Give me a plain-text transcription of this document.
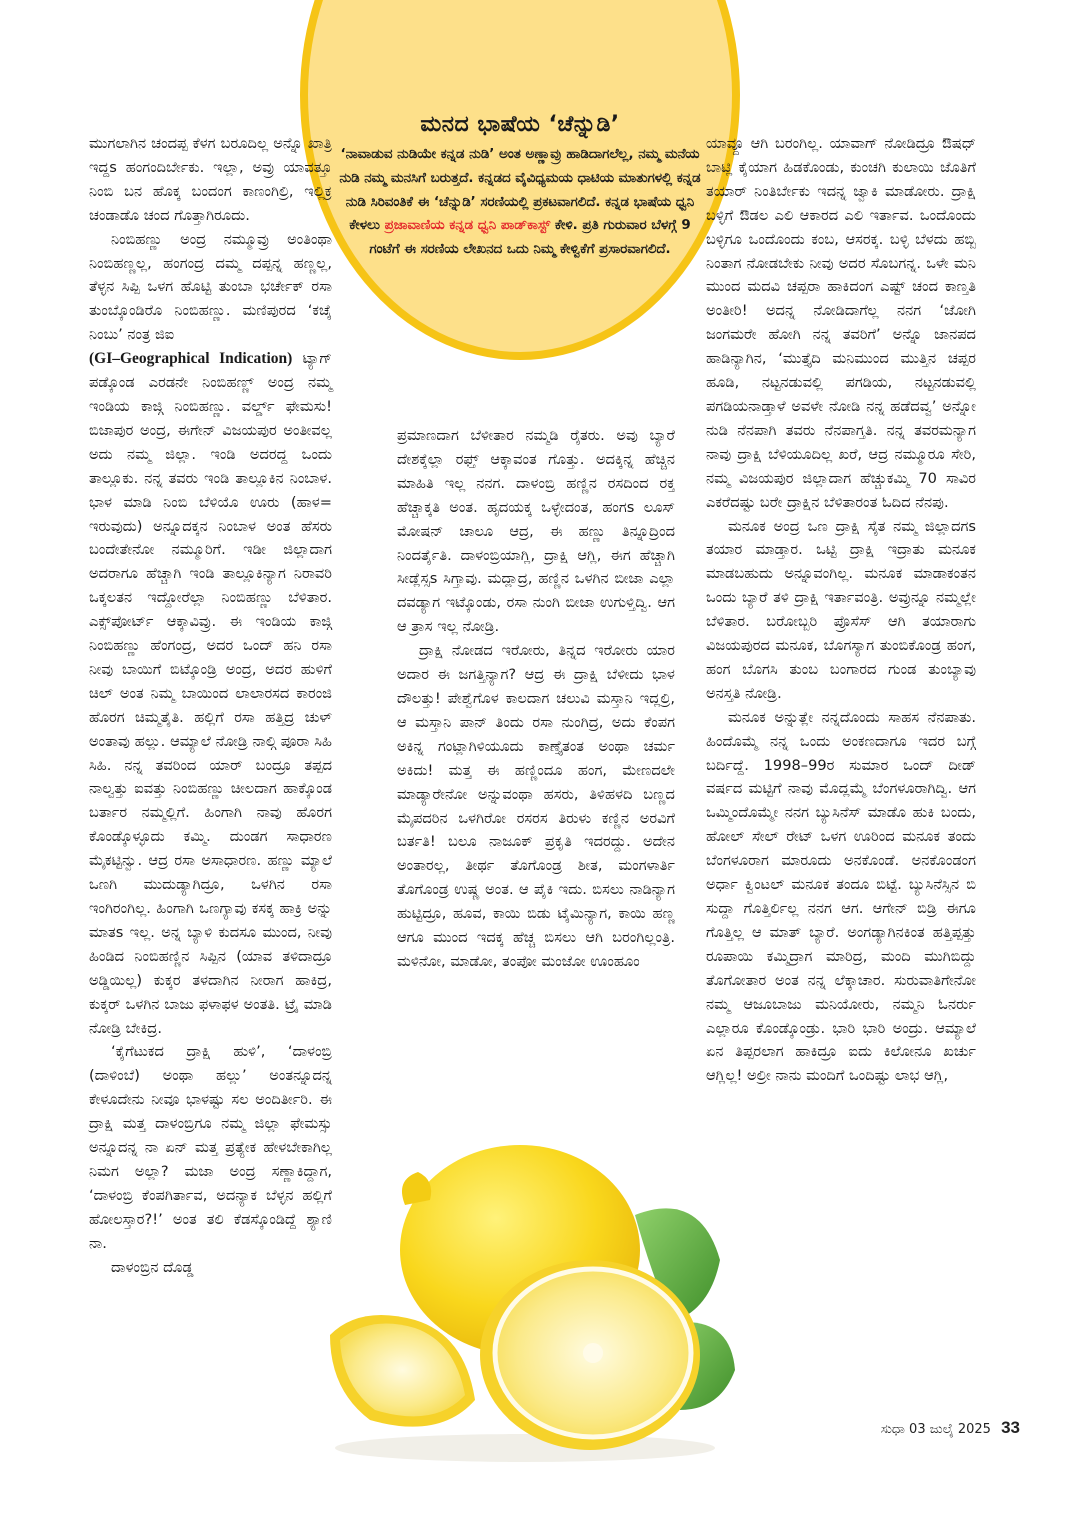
ಮನದ ಭಾಷೆಯ ‘ಚೆನ್ನುಡಿ’
‘ನಾವಾಡುವ ನುಡಿಯೇ ಕನ್ನಡ ನುಡಿ’ ಅಂತ ಅಣ್ಣಾವ್ರು ಹಾಡಿದಾಗಲೆಲ್ಲ, ನಮ್ಮ ಮನೆಯ ನುಡಿ ನಮ್ಮ ಮನಸಿಗೆ ಬರುತ್ತದೆ. ಕನ್ನಡದ ವೈವಿಧ್ಯಮಯ ಧಾಟಿಯ ಮಾತುಗಳಲ್ಲಿ ಕನ್ನಡ ನುಡಿ ಸಿರಿವಂತಿಕೆ ಈ ‘ಚೆನ್ನುಡಿ’ ಸರಣಿಯಲ್ಲಿ ಪ್ರಕಟವಾಗಲಿದೆ. ಕನ್ನಡ ಭಾಷೆಯ ಧ್ವನಿ ಕೇಳಲು ಪ್ರಜಾವಾಣಿಯ ಕನ್ನಡ ಧ್ವನಿ ಪಾಡ್‌ಕಾಸ್ಟ್ ಕೇಳಿ. ಪ್ರತಿ ಗುರುವಾರ ಬೆಳಗ್ಗೆ 9 ಗಂಟೆಗೆ ಈ ಸರಣಿಯ ಲೇಖನದ ಒದು ನಿಮ್ಮ ಕೇಳ್ವಿಕೆಗೆ ಪ್ರಸಾರವಾಗಲಿದೆ.

ಮುಗಲಾಗಿನ ಚಂದಪ್ಪ ಕೆಳಗ ಬರೂದಿಲ್ಲ ಅನ್ನೊ ಖಾತ್ರಿ ಇದ್ದs ಹಂಗಂದಿರ್ಬೇಕು. ಇಲ್ಲಾ, ಅವ್ರು ಯಾವತ್ತೂ ನಿಂಬಿ ಬನ ಹೊಕ್ಕ ಬಂದಂಗ ಕಾಣಂಗಿಲ್ರಿ, ಇಲ್ಲಿಕ್ರ ಚಂಡಾಡೊ ಚಂದ ಗೊತ್ತಾಗಿರೂದು.

ನಿಂಬಿಹಣ್ಣು ಅಂದ್ರ ನಮ್ಮೂವ್ರು ಅಂತಿಂಥಾ ನಿಂಬಿಹಣ್ಣಲ್ಲ, ಹಂಗಂದ್ರ ದಮ್ಮ ದಪ್ಪನ್ನ ಹಣ್ಣಲ್ಲ, ತೆಳ್ಳನ ಸಿಪ್ಪಿ ಒಳಗ ಹೊಟ್ಟಿ ತುಂಬಾ ಭರ್ಚೇಕ್ ರಸಾ ತುಂಬ್ಕೊಂಡಿರೊ ನಿಂಬಿಹಣ್ಣು. ಮಣಿಪುರದ ‘ಕಚೈ ನಿಂಬು’ ನಂತ್ರ ಜಿಐ

(GI–Geographical Indication) ಟ್ಯಾಗ್ ಪಡ್ಕೊಂಡ ಎರಡನೇ ನಿಂಬಿಹಣ್ಣ್ ಅಂದ್ರ ನಮ್ಮ ಇಂಡಿಯ ಕಾಜ್ಗಿ ನಿಂಬಿಹಣ್ಣು. ವರ್ಲ್ಡ್ ಫೇಮಸು! ಬಿಜಾಪುರ ಅಂದ್ರ, ಈಗೇನ್ ವಿಜಯಪುರ ಅಂತೀವಲ್ಲ ಅದು ನಮ್ಮ ಜಿಲ್ಲಾ. ಇಂಡಿ ಅದರದ್ದ ಒಂದು ತಾಲ್ಲೂಕು. ನನ್ನ ತವರು ಇಂಡಿ ತಾಲ್ಲೂಕಿನ ನಿಂಬಾಳ. ಭಾಳ ಮಾಡಿ ನಿಂಬಿ ಬೆಳಿಯೊ ಊರು (ಹಾಳ= ಇರುವುದು) ಅನ್ನೂದಕ್ಕನ ನಿಂಬಾಳ ಅಂತ ಹೆಸರು ಬಂದೇತೇನೋ ನಮ್ಮೂರಿಗೆ. ಇಡೀ ಜಿಲ್ಲಾದಾಗ ಅದರಾಗೂ ಹೆಚ್ಚಾಗಿ ಇಂಡಿ ತಾಲ್ಲೂಕಿನ್ಯಾಗ ನಿರಾವರಿ ಒಕ್ಕಲತನ ಇದ್ದೋರೆಲ್ಲಾ ನಿಂಬಿಹಣ್ಣು ಬೆಳಿತಾರ. ಎಕ್ಸ್‌ಪೋರ್ಟ್ ಆಕ್ಕಾವಿವ್ರು. ಈ ಇಂಡಿಯ ಕಾಜ್ಗಿ ನಿಂಬಿಹಣ್ಣು ಹೆಂಗಂದ್ರ, ಅದರ ಒಂದ್ ಹನಿ ರಸಾ ನೀವು ಬಾಯಿಗೆ ಬಿಟ್ಕೊಂಡ್ರಿ ಅಂದ್ರ, ಅದರ ಹುಳಿಗೆ ಚಿಲ್ ಅಂತ ನಿಮ್ಮ ಬಾಯಿಂದ ಲಾಲಾರಸದ ಕಾರಂಜಿ ಹೊರಗ ಚಿಮ್ಮತೈತಿ. ಹಲ್ಲಿಗೆ ರಸಾ ಹತ್ತಿದ್ರ ಚುಳ್ ಅಂತಾವು ಹಲ್ಲು. ಆಮ್ಯಾಲೆ ನೋಡ್ರಿ ನಾಲ್ಗಿ ಪೂರಾ ಸಿಹಿ ಸಿಹಿ. ನನ್ನ ತವರಿಂದ ಯಾರ್ ಬಂದ್ರೂ ತಪ್ಪದ ನಾಲ್ವತ್ತು ಐವತ್ತು ನಿಂಬಿಹಣ್ಣು ಚೀಲದಾಗ ಹಾಕ್ಕೊಂಡ ಬರ್ತಾರ ನಮ್ಮಲ್ಲಿಗೆ. ಹಿಂಗಾಗಿ ನಾವು ಹೊರಗ ಕೊಂಡ್ಕೊಳ್ಳೂದು ಕಮ್ಮಿ. ದುಂಡಗ ಸಾಧಾರಣ ಮೈಕಟ್ಟಿನ್ವು. ಆದ್ರ ರಸಾ ಅಸಾಧಾರಣ. ಹಣ್ಣು ಮ್ಯಾಲೆ ಒಣಗಿ ಮುದುಡ್ಯಾಗಿದ್ರೂ, ಒಳಗಿನ ರಸಾ ಇಂಗಿರಂಗಿಲ್ಲ. ಹಿಂಗಾಗಿ ಒಣಗ್ಯಾವು ಕಸಕ್ಕ ಹಾಕ್ರಿ ಅನ್ನು ಮಾತs ಇಲ್ಲ. ಅನ್ನ ಬ್ಯಾಳಿ ಕುದಸೂ ಮುಂದ, ನೀವು ಹಿಂಡಿದ ನಿಂಬಿಹಣ್ಣಿನ ಸಿಪ್ಪಿನ (ಯಾವ ತಳಿದಾದ್ರೂ ಅಡ್ಡಿಯಿಲ್ಲ) ಕುಕ್ಕರ ತಳದಾಗಿನ ನೀರಾಗ ಹಾಕಿದ್ರ, ಕುಕ್ಕರ್ ಒಳಗಿನ ಬಾಜು ಫಳಾಫಳ ಅಂತತಿ. ಟ್ರೈ ಮಾಡಿ ನೋಡ್ರಿ ಬೇಕಿದ್ರ.

‘ಕೈಗೆಟುಕದ ದ್ರಾಕ್ಷಿ ಹುಳಿ’, ‘ದಾಳಂಬ್ರಿ (ದಾಳಿಂಬೆ) ಅಂಥಾ ಹಲ್ಲು’ ಅಂತನ್ನೂದನ್ನ ಕೇಳೂದೇನು ನೀವೂ ಭಾಳಷ್ಟು ಸಲ ಅಂದಿರ್ತೀರಿ. ಈ ದ್ರಾಕ್ಷಿ ಮತ್ತ ದಾಳಂಬ್ರಿಗೂ ನಮ್ಮ ಜಿಲ್ಲಾ ಫೇಮಸ್ಸು ಅನ್ನೂದನ್ನ ನಾ ಏನ್ ಮತ್ತ ಪ್ರತ್ಯೇಕ ಹೇಳಬೇಕಾಗಿಲ್ಲ ನಿಮಗ ಅಲ್ಲಾ? ಮಜಾ ಅಂದ್ರ ಸಣ್ಣಾಕಿದ್ದಾಗ, ‘ದಾಳಂಬ್ರಿ ಕೆಂಪಗಿರ್ತಾವ, ಅದನ್ಯಾಕ ಬೆಳ್ಳನ ಹಲ್ಲಿಗೆ ಹೋಲಸ್ತಾರ?!’ ಅಂತ ತಲಿ ಕೆಡಸ್ಕೊಂಡಿದ್ದೆ ಶ್ಯಾಣಿ ನಾ.

ದಾಳಂಬ್ರಿನ ದೊಡ್ಡ

ಪ್ರಮಾಣದಾಗ ಬೆಳೀತಾರ ನಮ್ಮಡಿ ರೈತರು. ಅವು ಬ್ಯಾರೆ ದೇಶಕ್ಕೆಲ್ಲಾ ರಫ್ತ್ ಆಕ್ಕಾವಂತ ಗೊತ್ತು. ಅದಕ್ಕಿನ್ನ ಹೆಚ್ಚಿನ ಮಾಹಿತಿ ಇಲ್ಲ ನನಗ. ದಾಳಂಬ್ರಿ ಹಣ್ಣಿನ ರಸದಿಂದ ರಕ್ತ ಹೆಚ್ಚಾಕ್ಕತಿ ಅಂತ. ಹೃದಯಕ್ಕ ಒಳ್ಳೇದಂತ, ಹಂಗs ಲೂಸ್ ಮೋಷನ್ ಚಾಲೂ ಆದ್ರ, ಈ ಹಣ್ಣು ತಿನ್ನೂದ್ರಿಂದ ನಿಂದರ್ತೈತಿ. ದಾಳಂಬ್ರಿಯಾಗ್ಲಿ, ದ್ರಾಕ್ಷಿ ಆಗ್ಲಿ, ಈಗ ಹೆಚ್ಚಾಗಿ ಸೀಡ್ಲೆಸ್ಸs ಸಿಗ್ತಾವು. ಮದ್ಲಾದ್ರ, ಹಣ್ಣಿನ ಒಳಗಿನ ಬೀಜಾ ಎಲ್ಲಾ ದವಡ್ಯಾಗ ಇಟ್ಕೊಂಡು, ರಸಾ ನುಂಗಿ ಬೀಜಾ ಉಗುಳ್ತಿದ್ವಿ. ಆಗ ಆ ತ್ರಾಸ ಇಲ್ಲ ನೋಡ್ರಿ.

ದ್ರಾಕ್ಷಿ ನೋಡದ ಇರೋರು, ತಿನ್ನದ ಇರೋರು ಯಾರ ಅದಾರ ಈ ಜಗತ್ತಿನ್ಯಾಗ? ಆದ್ರ ಈ ದ್ರಾಕ್ಷಿ ಬೆಳೀದು ಭಾಳ ದೌಲತ್ತು! ಪೇಶ್ವೆಗೊಳ ಕಾಲದಾಗ ಚಲುವಿ ಮಸ್ತಾನಿ ಇದ್ಲಲ್ರಿ, ಆ ಮಸ್ತಾನಿ ಪಾನ್ ತಿಂದು ರಸಾ ನುಂಗಿದ್ರ, ಅದು ಕೆಂಪಗ ಅಕಿನ್ನ ಗಂಟ್ಲಾಗಿಳಿಯೂದು ಕಾಣ್ತೈತಂತ ಅಂಥಾ ಚರ್ಮ ಅಕಿದು! ಮತ್ತ ಈ ಹಣ್ಣಿಂದೂ ಹಂಗ, ಮೇಣದಲೇ ಮಾಡ್ಯಾರೇನೋ ಅನ್ನುವಂಥಾ ಹಸರು, ತಿಳಿಹಳದಿ ಬಣ್ಣದ ಮೈಪದರಿನ ಒಳಗಿರೋ ರಸರಸ ತಿರುಳು ಕಣ್ಣಿನ ಅರವಿಗೆ ಬರ್ತತಿ! ಬಲೂ ನಾಜೂಕ್ ಪ್ರಕೃತಿ ಇದರದ್ದು. ಅದೇನ ಅಂತಾರಲ್ಲ, ತೀರ್ಥ ತೊಗೊಂಡ್ರ ಶೀತ, ಮಂಗಳಾರ್ತಿ ತೊಗೊಂಡ್ರ ಉಷ್ಣ ಅಂತ. ಆ ಪೈಕಿ ಇದು. ಬಿಸಲು ನಾಡಿನ್ಯಾಗ ಹುಟ್ಟಿದ್ರೂ, ಹೂವ, ಕಾಯಿ ಬಿಡು ಟೈಮಿನ್ಯಾಗ, ಕಾಯಿ ಹಣ್ಣ ಆಗೂ ಮುಂದ ಇದಕ್ಕ ಹೆಚ್ಚ ಬಿಸಲು ಆಗಿ ಬರಂಗಿಲ್ಲಂತ್ರಿ. ಮಳಿನೋ, ಮಾಡೋ, ತಂಪೋ ಮಂಜೋ ಊಂಹೂಂ

ಯಾವ್ದೂ ಆಗಿ ಬರಂಗಿಲ್ಲ. ಯಾವಾಗ್ ನೋಡಿದ್ರೂ ಔಷಧ್ ಬಾಟ್ಲಿ ಕೈಯಾಗ ಹಿಡಕೊಂಡು, ಕುಂಚಗಿ ಕುಲಾಯಿ ಜೊತಿಗೆ ತಯಾರ್ ನಿಂತಿರ್ಬೇಕು ಇದನ್ನ ಜ್ವಾಕಿ ಮಾಡೋರು. ದ್ರಾಕ್ಷಿ ಬಳ್ಳಿಗೆ ಔಡಲ ಎಲಿ ಆಕಾರದ ಎಲಿ ಇರ್ತಾವ. ಒಂದೊಂದು ಬಳ್ಳಿಗೂ ಒಂದೊಂದು ಕಂಬ, ಆಸರಕ್ಕ. ಬಳ್ಳಿ ಬೆಳದು ಹಬ್ಬಿ ನಿಂತಾಗ ನೋಡಬೇಕು ನೀವು ಅದರ ಸೊಬಗನ್ನ. ಒಳೇ ಮನಿ ಮುಂದ ಮದವಿ ಚಪ್ಪರಾ ಹಾಕಿದಂಗ ಎಷ್ಟ್ ಚಂದ ಕಾಣ್ತತಿ ಅಂತೀರಿ! ಅದನ್ನ ನೋಡಿದಾಗೆಲ್ಲ ನನಗ ‘ಜೋಗಿ ಜಂಗಮರೇ ಹೋಗಿ ನನ್ನ ತವರಿಗೆ’ ಅನ್ನೊ ಜಾನಪದ ಹಾಡಿನ್ಯಾಗಿನ, ‘ಮುತ್ತೈದಿ ಮನಿಮುಂದ ಮುತ್ತಿನ ಚಪ್ಪರ ಹೂಡಿ, ನಟ್ಟನಡುವಲ್ಲಿ ಪಗಡಿಯ, ನಟ್ಟನಡುವಲ್ಲಿ ಪಗಡಿಯನಾಡ್ತಾಳೆ ಅವಳೇ ನೋಡಿ ನನ್ನ ಹಡೆದವ್ವ’ ಅನ್ನೋ ನುಡಿ ನೆನಪಾಗಿ ತವರು ನೆನಪಾಗ್ತತಿ. ನನ್ನ ತವರಮನ್ಯಾಗ ನಾವು ದ್ರಾಕ್ಷಿ ಬೆಳಿಯೂದಿಲ್ಲ ಖರೆ, ಆದ್ರ ನಮ್ಮೂರೂ ಸೇರಿ, ನಮ್ಮ ವಿಜಯಪುರ ಜಿಲ್ಲಾದಾಗ ಹೆಚ್ಚುಕಮ್ಮಿ 70 ಸಾವಿರ ಎಕರೆದಷ್ಟು ಬರೇ ದ್ರಾಕ್ಷಿನ ಬೆಳಿತಾರಂತ ಓದಿದ ನೆನಪು.

ಮನೂಕ ಅಂದ್ರ ಒಣ ದ್ರಾಕ್ಷಿ ಸೈತ ನಮ್ಮ ಜಿಲ್ಲಾದಗs ತಯಾರ ಮಾಡ್ತಾರ. ಒಟ್ಟಿ ದ್ರಾಕ್ಷಿ ಇದ್ರಾತು ಮನೂಕ ಮಾಡಬಹುದು ಅನ್ನೂವಂಗಿಲ್ಲ. ಮನೂಕ ಮಾಡಾಕಂತನ ಒಂದು ಬ್ಯಾರೆ ತಳಿ ದ್ರಾಕ್ಷಿ ಇರ್ತಾವಂತ್ರಿ. ಅವ್ರುನ್ನೂ ನಮ್ಮಲ್ಲೇ ಬೆಳಿತಾರ. ಬರೋಬ್ಬರಿ ಪ್ರೊಸೆಸ್ ಆಗಿ ತಯಾರಾಗು ವಿಜಯಪುರದ ಮನೂಕ, ಬೊಗಸ್ಯಾಗ ತುಂಬಿಕೊಂಡ್ರ ಹಂಗ, ಹಂಗ ಬೊಗಸಿ ತುಂಬ ಬಂಗಾರದ ಗುಂಡ ತುಂಬ್ಯಾವು ಅನಸ್ತತಿ ನೋಡ್ರಿ.

ಮನೂಕ ಅನ್ನುತ್ಲೇ ನನ್ನದೊಂದು ಸಾಹಸ ನೆನಪಾತು. ಹಿಂದೊಮ್ಮೆ ನನ್ನ ಒಂದು ಅಂಕಣದಾಗೂ ಇದರ ಬಗ್ಗೆ ಬರ್ದಿದ್ದೆ. 1998–99ರ ಸುಮಾರ ಒಂದ್ ದೀಡ್ ವರ್ಷದ ಮಟ್ಟಿಗೆ ನಾವು ಮೊದ್ಲಮ್ಮೆ ಬೆಂಗಳೂರಾಗಿದ್ವಿ. ಆಗ ಒಮ್ಮಿಂದೊಮ್ಮೇ ನನಗ ಬ್ಯುಸಿನೆಸ್ ಮಾಡೊ ಹುಕಿ ಬಂದು, ಹೋಲ್ ಸೇಲ್ ರೇಟ್ ಒಳಗ ಊರಿಂದ ಮನೂಕ ತಂದು ಬೆಂಗಳೂರಾಗ ಮಾರೂದು ಅನಕೊಂಡೆ. ಅನಕೊಂಡಂಗ ಅರ್ಧಾ ಕ್ವಿಂಟಲ್ ಮನೂಕ ತಂದೂ ಬಿಟ್ಟೆ. ಬ್ಯುಸಿನೆಸ್ಸಿನ ಬಿ ಸುದ್ದಾ ಗೊತ್ತಿರ್ಲಿಲ್ಲ ನನಗ ಆಗ. ಆಗೇನ್ ಬಿಡ್ರಿ ಈಗೂ ಗೊತ್ತಿಲ್ಲ ಆ ಮಾತ್ ಬ್ಯಾರೆ. ಅಂಗಡ್ಯಾಗಿನಕಿಂತ ಹತ್ತಿಪ್ಪತ್ತು ರೂಪಾಯಿ ಕಮ್ಮಿದ್ರಾಗ ಮಾರಿದ್ರ, ಮಂದಿ ಮುಗಿಬಿದ್ದು ತೊಗೋತಾರ ಅಂತ ನನ್ನ ಲೆಕ್ಕಾಚಾರ. ಸುರುವಾತಿಗೇನೋ ನಮ್ಮ ಆಜೂಬಾಜು ಮನಿಯೋರು, ನಮ್ಮನಿ ಓನರ್ರು ಎಲ್ಲಾರೂ ಕೊಂಡ್ಕೊಂಡ್ರು. ಭಾರಿ ಭಾರಿ ಅಂದ್ರು. ಆಮ್ಯಾಲೆ ಏನ ತಿಪ್ಪರಲಾಗ ಹಾಕಿದ್ರೂ ಐದು ಕಿಲೋನೂ ಖರ್ಚು ಆಗ್ಲಿಲ್ಲ! ಅಲ್ರೀ ನಾನು ಮಂದಿಗೆ ಒಂದಿಷ್ಟು ಲಾಭ ಆಗ್ಲಿ,

ಸುಧಾ 03 ಜುಲೈ 2025 33
